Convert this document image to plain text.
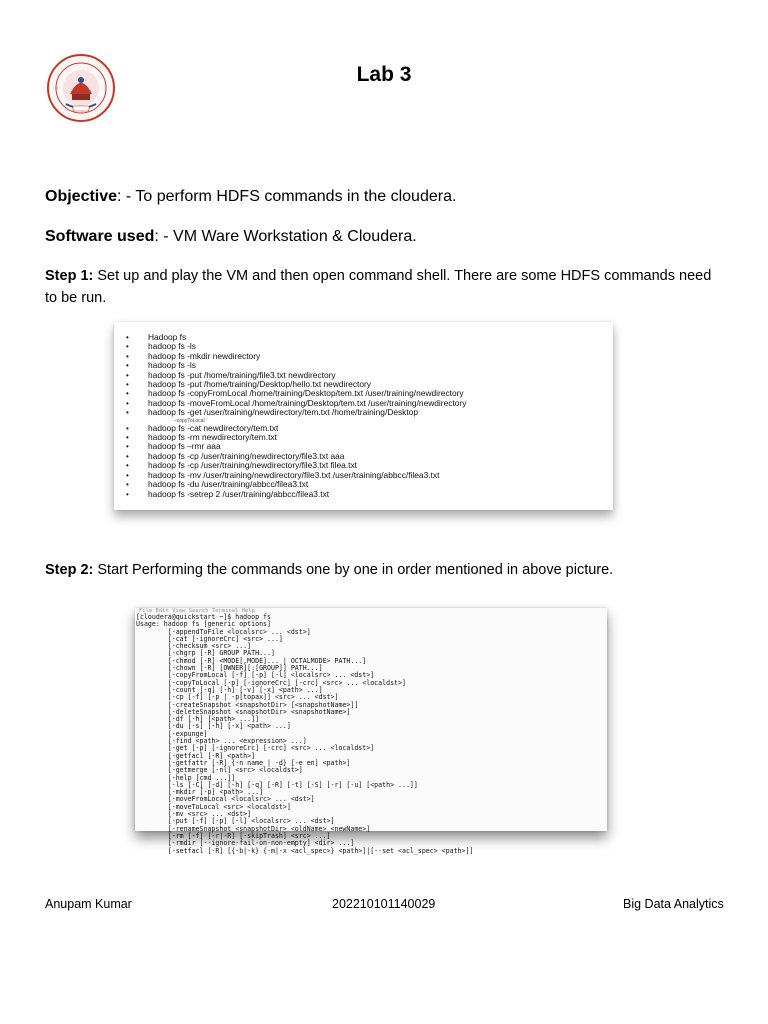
Lab 3
Objective: - To perform HDFS commands in the cloudera.
Software used: - VM Ware Workstation & Cloudera.
Step 1: Set up and play the VM and then open command shell. There are some HDFS commands need to be run.
• Hadoop fs
• hadoop fs -ls
• hadoop fs -mkdir newdirectory
• hadoop fs -ls
• hadoop fs -put /home/training/file3.txt newdirectory
• hadoop fs -put /home/training/Desktop/hello.txt newdirectory
• hadoop fs -copyFromLocal /home/training/Desktop/tem.txt /user/training/newdirectory
• hadoop fs -moveFromLocal /home/training/Desktop/tem.txt /user/training/newdirectory
• hadoop fs -get /user/training/newdirectory/tem.txt /home/training/Desktop
–copyToLocal
• hadoop fs -cat newdirectory/tem.txt
• hadoop fs -rm newdirectory/tem.txt
• hadoop fs –rmr aaa
• hadoop fs -cp /user/training/newdirectory/file3.txt aaa
• hadoop fs -cp /user/training/newdirectory/file3.txt filea.txt
• hadoop fs -mv /user/training/newdirectory/file3.txt /user/training/abbcc/filea3.txt
• hadoop fs -du /user/training/abbcc/filea3.txt
• hadoop fs -setrep 2 /user/training/abbcc/filea3.txt
Step 2: Start Performing the commands one by one in order mentioned in above picture.
File Edit View Search Terminal Help
[cloudera@quickstart ~]$ hadoop fs
Usage: hadoop fs [generic options]
[-appendToFile <localsrc> ... <dst>]
[-cat [-ignoreCrc] <src> ...]
[-checksum <src> ...]
[-chgrp [-R] GROUP PATH...]
[-chmod [-R] <MODE[,MODE]... | OCTALMODE> PATH...]
[-chown [-R] [OWNER][:[GROUP]] PATH...]
[-copyFromLocal [-f] [-p] [-l] <localsrc> ... <dst>]
[-copyToLocal [-p] [-ignoreCrc] [-crc] <src> ... <localdst>]
[-count [-q] [-h] [-v] [-x] <path> ...]
[-cp [-f] [-p | -p[topax]] <src> ... <dst>]
[-createSnapshot <snapshotDir> [<snapshotName>]]
[-deleteSnapshot <snapshotDir> <snapshotName>]
[-df [-h] [<path> ...]]
[-du [-s] [-h] [-x] <path> ...]
[-expunge]
[-find <path> ... <expression> ...]
[-get [-p] [-ignoreCrc] [-crc] <src> ... <localdst>]
[-getfacl [-R] <path>]
[-getfattr [-R] {-n name | -d} [-e en] <path>]
[-getmerge [-nl] <src> <localdst>]
[-help [cmd ...]]
[-ls [-C] [-d] [-h] [-q] [-R] [-t] [-S] [-r] [-u] [<path> ...]]
[-mkdir [-p] <path> ...]
[-moveFromLocal <localsrc> ... <dst>]
[-moveToLocal <src> <localdst>]
[-mv <src> ... <dst>]
[-put [-f] [-p] [-l] <localsrc> ... <dst>]
[-renameSnapshot <snapshotDir> <oldName> <newName>]
[-rm [-f] [-r|-R] [-skipTrash] <src> ...]
[-rmdir [--ignore-fail-on-non-empty] <dir> ...]
[-setfacl [-R] [{-b|-k} {-m|-x <acl_spec>} <path>]|[--set <acl_spec> <path>]]
Anupam Kumar	202210101140029	Big Data Analytics
